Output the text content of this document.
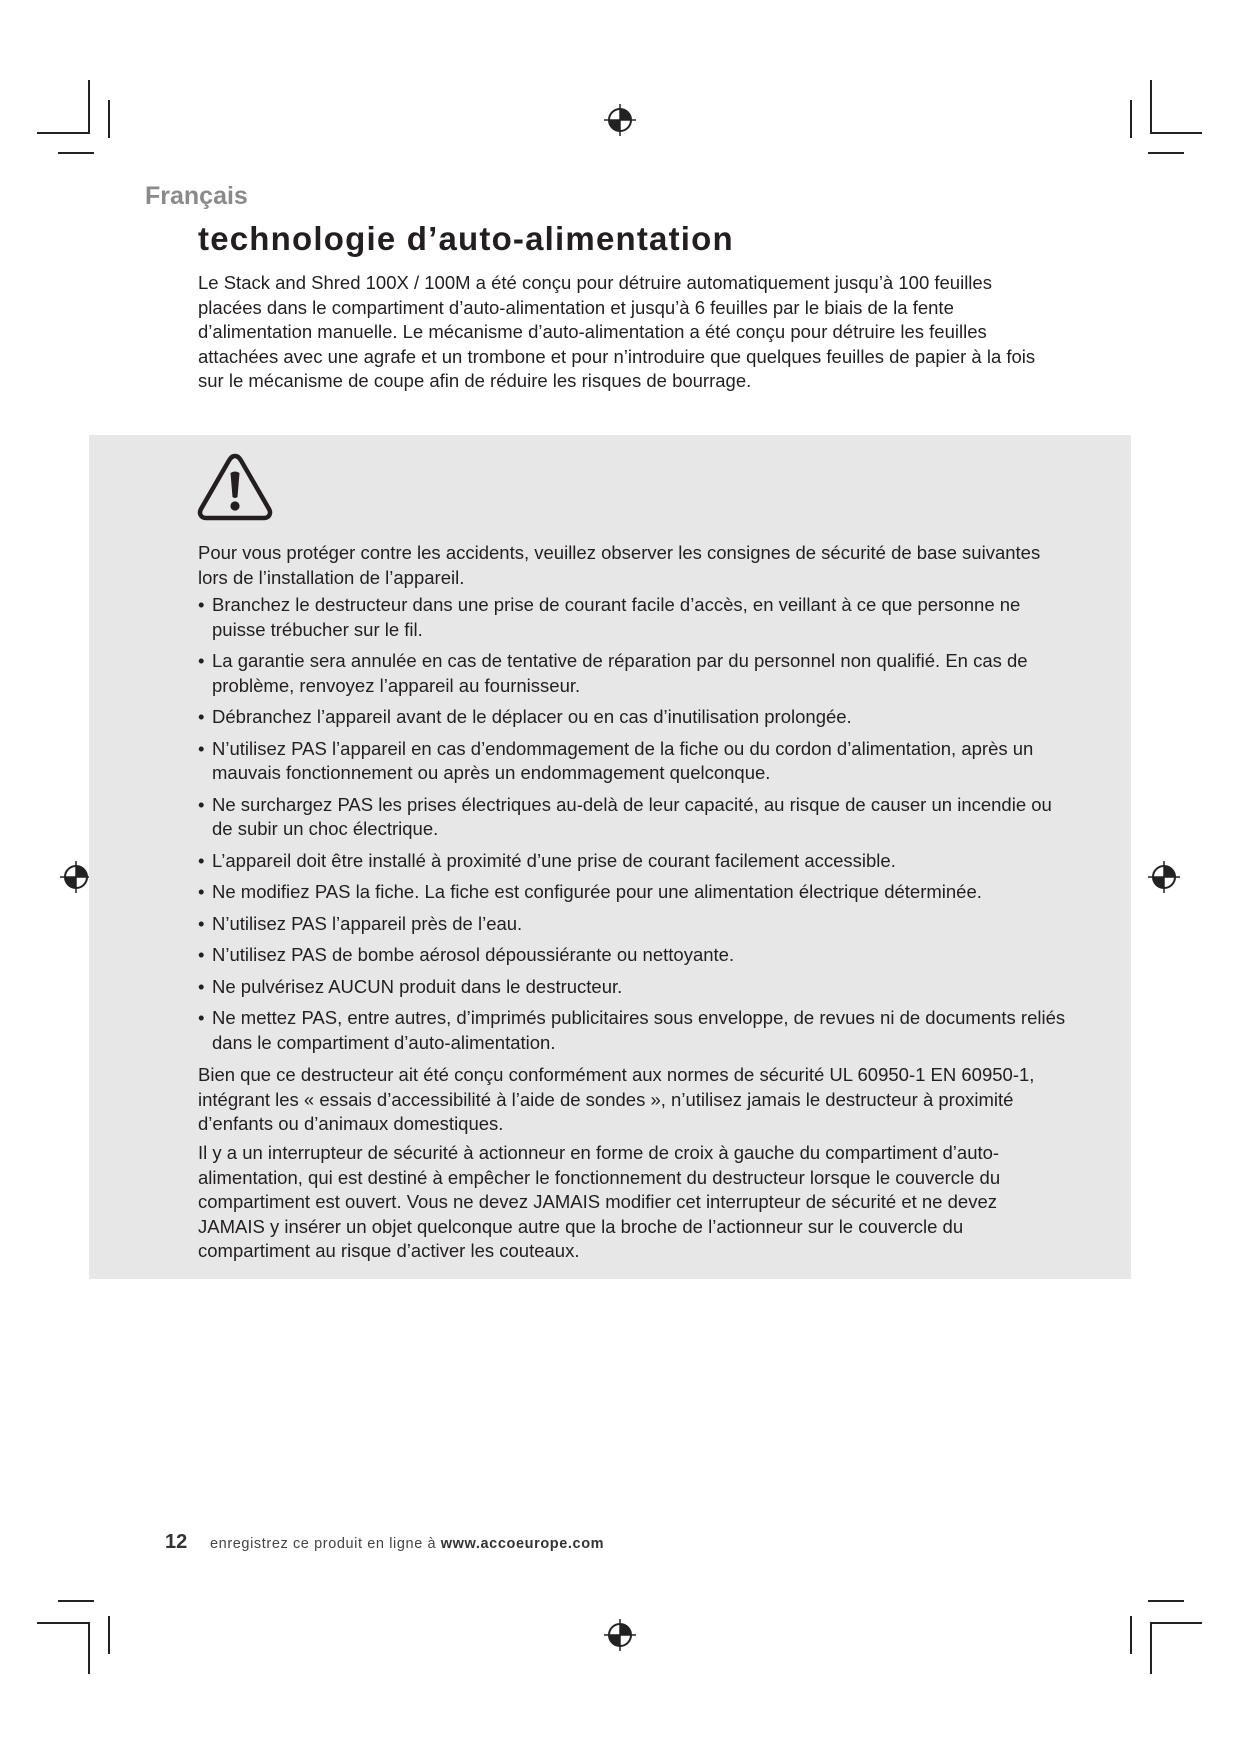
Français
technologie d’auto-alimentation

Le Stack and Shred 100X / 100M a été conçu pour détruire automatiquement jusqu’à 100 feuilles placées dans le compartiment d’auto-alimentation et jusqu’à 6 feuilles par le biais de la fente d’alimentation manuelle. Le mécanisme d’auto-alimentation a été conçu pour détruire les feuilles attachées avec une agrafe et un trombone et pour n’introduire que quelques feuilles de papier à la fois sur le mécanisme de coupe afin de réduire les risques de bourrage.

Pour vous protéger contre les accidents, veuillez observer les consignes de sécurité de base suivantes lors de l’installation de l’appareil.

• Branchez le destructeur dans une prise de courant facile d’accès, en veillant à ce que personne ne puisse trébucher sur le fil.
• La garantie sera annulée en cas de tentative de réparation par du personnel non qualifié. En cas de problème, renvoyez l’appareil au fournisseur.
• Débranchez l’appareil avant de le déplacer ou en cas d’inutilisation prolongée.
• N’utilisez PAS l’appareil en cas d’endommagement de la fiche ou du cordon d’alimentation, après un mauvais fonctionnement ou après un endommagement quelconque.
• Ne surchargez PAS les prises électriques au-delà de leur capacité, au risque de causer un incendie ou de subir un choc électrique.
• L’appareil doit être installé à proximité d’une prise de courant facilement accessible.
• Ne modifiez PAS la fiche. La fiche est configurée pour une alimentation électrique déterminée.
• N’utilisez PAS l’appareil près de l’eau.
• N’utilisez PAS de bombe aérosol dépoussiérante ou nettoyante.
• Ne pulvérisez AUCUN produit dans le destructeur.
• Ne mettez PAS, entre autres, d’imprimés publicitaires sous enveloppe, de revues ni de documents reliés dans le compartiment d’auto-alimentation.

Bien que ce destructeur ait été conçu conformément aux normes de sécurité UL 60950-1 EN 60950-1, intégrant les « essais d’accessibilité à l’aide de sondes », n’utilisez jamais le destructeur à proximité d’enfants ou d’animaux domestiques.

Il y a un interrupteur de sécurité à actionneur en forme de croix à gauche du compartiment d’auto-alimentation, qui est destiné à empêcher le fonctionnement du destructeur lorsque le couvercle du compartiment est ouvert. Vous ne devez JAMAIS modifier cet interrupteur de sécurité et ne devez JAMAIS y insérer un objet quelconque autre que la broche de l’actionneur sur le couvercle du compartiment au risque d’activer les couteaux.

12 enregistrez ce produit en ligne à www.accoeurope.com
